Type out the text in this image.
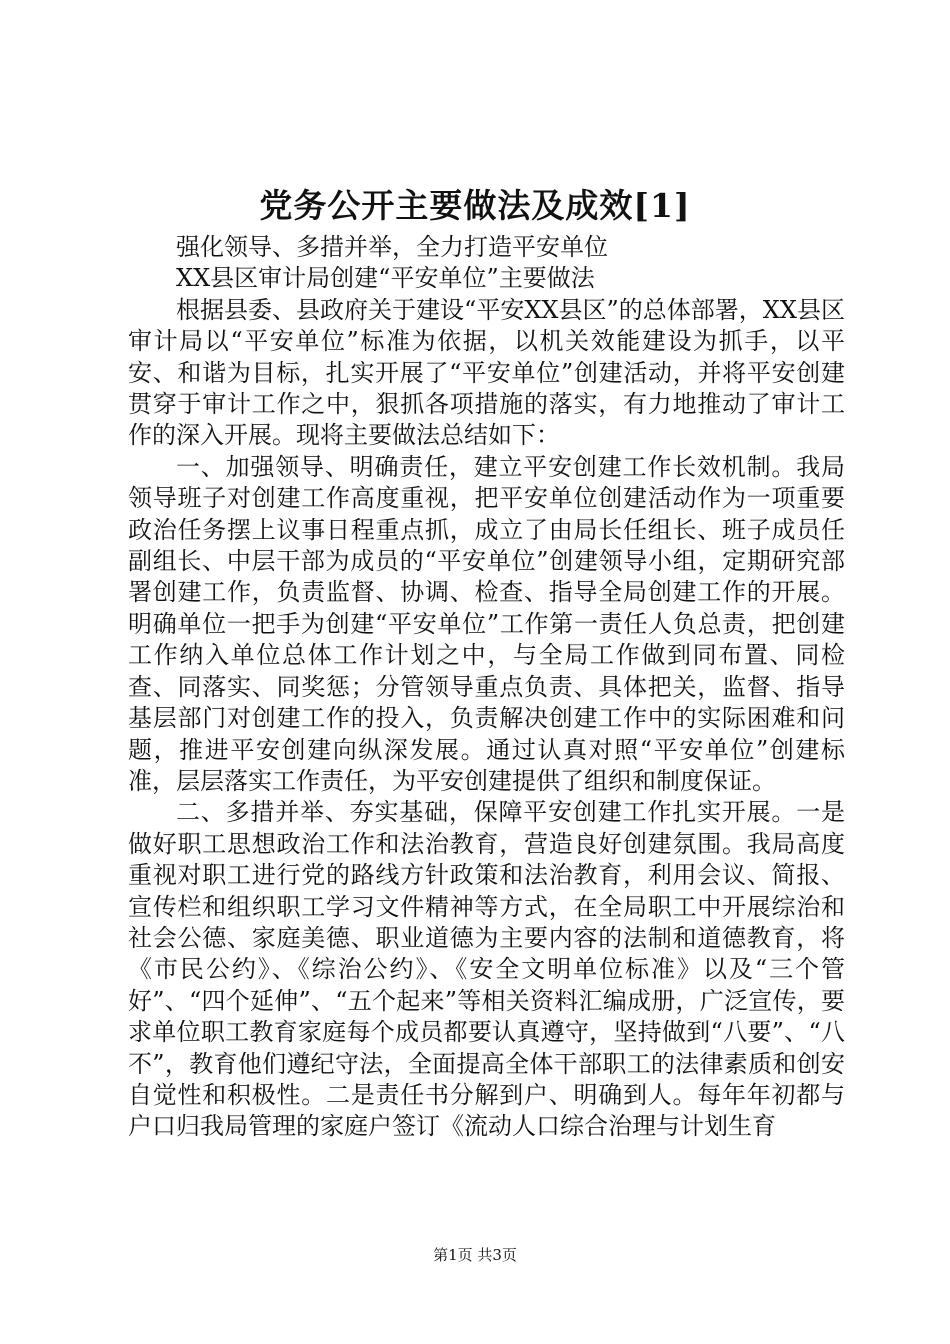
党务公开主要做法及成效[1]

强化领导、多措并举，全力打造平安单位

XX县区审计局创建“平安单位”主要做法

根据县委、县政府关于建设“平安XX县区”的总体部署，XX县区审计局以“平安单位”标准为依据，以机关效能建设为抓手，以平安、和谐为目标，扎实开展了“平安单位”创建活动，并将平安创建贯穿于审计工作之中，狠抓各项措施的落实，有力地推动了审计工作的深入开展。现将主要做法总结如下：

一、加强领导、明确责任，建立平安创建工作长效机制。我局领导班子对创建工作高度重视，把平安单位创建活动作为一项重要政治任务摆上议事日程重点抓，成立了由局长任组长、班子成员任副组长、中层干部为成员的“平安单位”创建领导小组，定期研究部署创建工作，负责监督、协调、检查、指导全局创建工作的开展。明确单位一把手为创建“平安单位”工作第一责任人负总责，把创建工作纳入单位总体工作计划之中，与全局工作做到同布置、同检查、同落实、同奖惩；分管领导重点负责、具体把关，监督、指导基层部门对创建工作的投入，负责解决创建工作中的实际困难和问题，推进平安创建向纵深发展。通过认真对照“平安单位”创建标准，层层落实工作责任，为平安创建提供了组织和制度保证。

二、多措并举、夯实基础，保障平安创建工作扎实开展。一是做好职工思想政治工作和法治教育，营造良好创建氛围。我局高度重视对职工进行党的路线方针政策和法治教育，利用会议、简报、宣传栏和组织职工学习文件精神等方式，在全局职工中开展综治和社会公德、家庭美德、职业道德为主要内容的法制和道德教育，将《市民公约》、《综治公约》、《安全文明单位标准》以及“三个管好”、“四个延伸”、“五个起来”等相关资料汇编成册，广泛宣传，要求单位职工教育家庭每个成员都要认真遵守，坚持做到“八要”、“八不”，教育他们遵纪守法，全面提高全体干部职工的法律素质和创安自觉性和积极性。二是责任书分解到户、明确到人。每年年初都与户口归我局管理的家庭户签订《流动人口综合治理与计划生育

第1页 共3页
